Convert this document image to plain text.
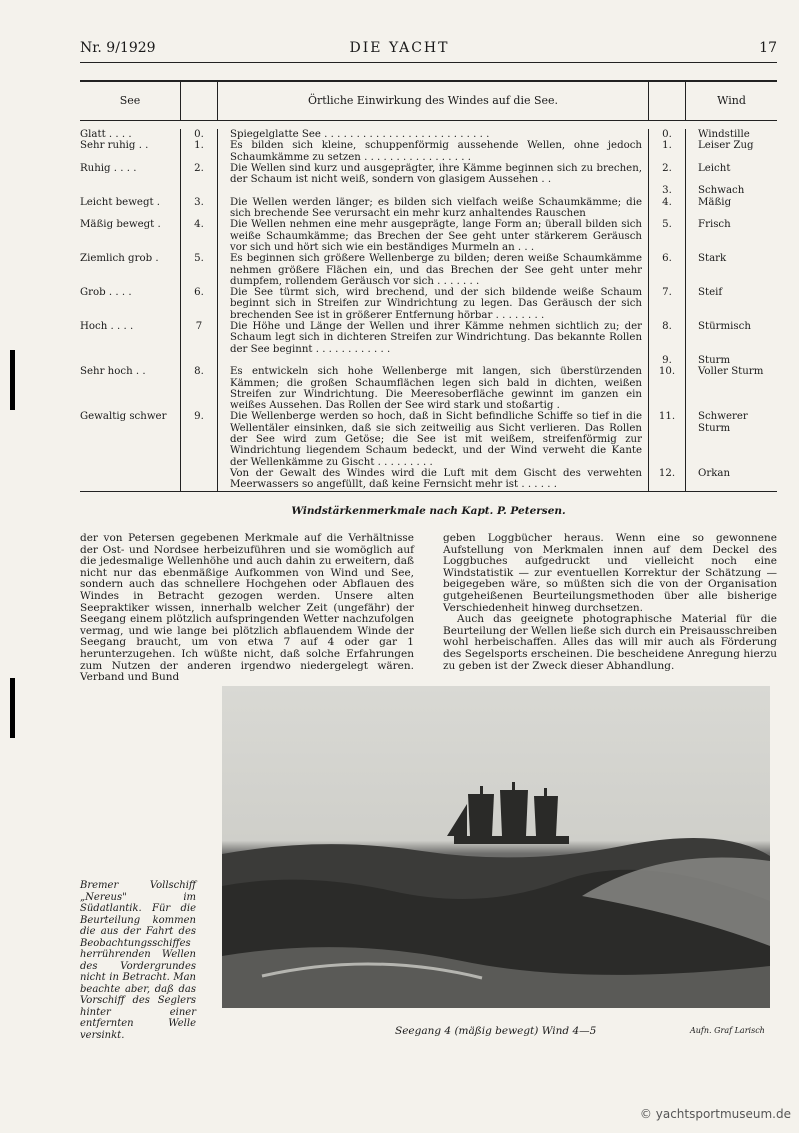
Nr. 9/1929	DIE YACHT	17
See		Örtliche Einwirkung des Windes auf die See.		Wind

Glatt . . . .	0.	Spiegelglatte See . . . . . . . . . . . . . . . . . . . . . . . . . .	0.	Windstille
Sehr ruhig . .	1.	Es bilden sich kleine, schuppenförmig aussehende Wellen, ohne jedoch Schaumkämme zu setzen . . . . . . . . . . . . . . . . .	1.	Leiser Zug
Ruhig . . . .	2.	Die Wellen sind kurz und ausgeprägter, ihre Kämme beginnen sich zu brechen, der Schaum ist nicht weiß, sondern von glasigem Aussehen . .	2.	Leicht
			3.	Schwach
Leicht bewegt .	3.	Die Wellen werden länger; es bilden sich vielfach weiße Schaumkämme; die sich brechende See verursacht ein mehr kurz anhaltendes Rauschen	4.	Mäßig
Mäßig bewegt .	4.	Die Wellen nehmen eine mehr ausgeprägte, lange Form an; überall bilden sich weiße Schaumkämme; das Brechen der See geht unter stärkerem Geräusch vor sich und hört sich wie ein beständiges Murmeln an . . .	5.	Frisch
Ziemlich grob .	5.	Es beginnen sich größere Wellenberge zu bilden; deren weiße Schaumkämme nehmen größere Flächen ein, und das Brechen der See geht unter mehr dumpfem, rollendem Geräusch vor sich . . . . . . .	6.	Stark
Grob . . . .	6.	Die See türmt sich, wird brechend, und der sich bildende weiße Schaum beginnt sich in Streifen zur Windrichtung zu legen. Das Geräusch der sich brechenden See ist in größerer Entfernung hörbar . . . . . . . .	7.	Steif
Hoch . . . .	7	Die Höhe und Länge der Wellen und ihrer Kämme nehmen sichtlich zu; der Schaum legt sich in dichteren Streifen zur Windrichtung. Das bekannte Rollen der See beginnt . . . . . . . . . . . .	8.	Stürmisch
			9.	Sturm
Sehr hoch . .	8.	Es entwickeln sich hohe Wellenberge mit langen, sich überstürzenden Kämmen; die großen Schaumflächen legen sich bald in dichten, weißen Streifen zur Windrichtung. Die Meeresoberfläche gewinnt im ganzen ein weißes Aussehen. Das Rollen der See wird stark und stoßartig .	10.	Voller Sturm
Gewaltig schwer	9.	Die Wellenberge werden so hoch, daß in Sicht befindliche Schiffe so tief in die Wellentäler einsinken, daß sie sich zeitweilig aus Sicht verlieren. Das Rollen der See wird zum Getöse; die See ist mit weißem, streifenförmig zur Windrichtung liegendem Schaum bedeckt, und der Wind verweht die Kante der Wellenkämme zu Gischt . . . . . . . . .	11.	Schwerer Sturm
		Von der Gewalt des Windes wird die Luft mit dem Gischt des verwehten Meerwassers so angefüllt, daß keine Fernsicht mehr ist . . . . . .	12.	Orkan
Windstärkenmerkmale nach Kapt. P. Petersen.
der von Petersen gegebenen Merkmale auf die Verhältnisse der Ost- und Nordsee herbeizuführen und sie womöglich auf die jedesmalige Wellenhöhe und auch dahin zu erweitern, daß nicht nur das ebenmäßige Aufkommen von Wind und See, sondern auch das schnellere Hochgehen oder Abflauen des Windes in Betracht gezogen werden. Unsere alten Seepraktiker wissen, innerhalb welcher Zeit (ungefähr) der Seegang einem plötzlich aufspringenden Wetter nachzufolgen vermag, und wie lange bei plötzlich abflauendem Winde der Seegang braucht, um von etwa 7 auf 4 oder gar 1 herunterzugehen. Ich wüßte nicht, daß solche Erfahrungen zum Nutzen der anderen irgendwo niedergelegt wären. Verband und Bund
geben Loggbücher heraus. Wenn eine so gewonnene Aufstellung von Merkmalen innen auf dem Deckel des Loggbuches aufgedruckt und vielleicht noch eine Windstatistik — zur eventuellen Korrektur der Schätzung — beigegeben wäre, so müßten sich die von der Organisation gutgeheißenen Beurteilungsmethoden über alle bisherige Verschiedenheit hinweg durchsetzen.
Auch das geeignete photographische Material für die Beurteilung der Wellen ließe sich durch ein Preisausschreiben wohl herbeischaffen. Alles das will mir auch als Förderung des Segelsports erscheinen. Die bescheidene Anregung hierzu zu geben ist der Zweck dieser Abhandlung.
Bremer Vollschiff „Nereus" im Südatlantik. Für die Beurteilung kommen die aus der Fahrt des Beobachtungsschiffes herrührenden Wellen des Vordergrundes nicht in Betracht. Man beachte aber, daß das Vorschiff des Seglers hinter einer entfernten Welle versinkt.	Seegang 4 (mäßig bewegt) Wind 4—5	Aufn. Graf Larisch
© yachtsportmuseum.de
